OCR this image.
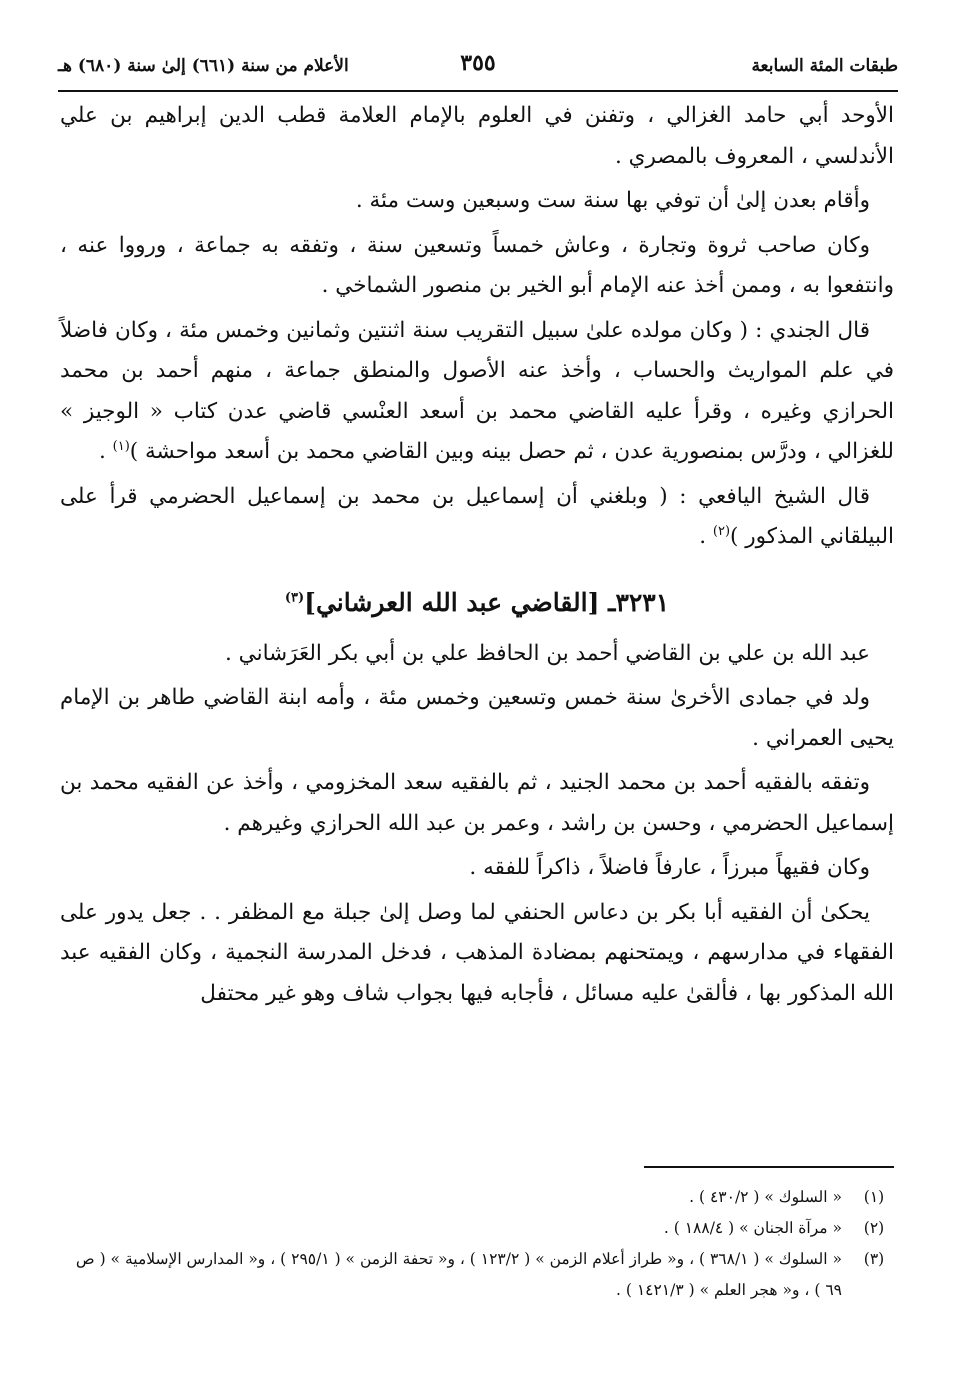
طبقات المئة السابعة
٣٥٥
الأعلام من سنة (٦٦١) إلىٰ سنة (٦٨٠) هـ

الأوحد أبي حامد الغزالي ، وتفنن في العلوم بالإمام العلامة قطب الدين إبراهيم بن علي الأندلسي ، المعروف بالمصري .

وأقام بعدن إلىٰ أن توفي بها سنة ست وسبعين وست مئة .

وكان صاحب ثروة وتجارة ، وعاش خمساً وتسعين سنة ، وتفقه به جماعة ، ورووا عنه ، وانتفعوا به ، وممن أخذ عنه الإمام أبو الخير بن منصور الشماخي .

قال الجندي : ( وكان مولده علىٰ سبيل التقريب سنة اثنتين وثمانين وخمس مئة ، وكان فاضلاً في علم المواريث والحساب ، وأخذ عنه الأصول والمنطق جماعة ، منهم أحمد بن محمد الحرازي وغيره ، وقرأ عليه القاضي محمد بن أسعد العنْسي قاضي عدن كتاب « الوجيز » للغزالي ، ودرَّس بمنصورية عدن ، ثم حصل بينه وبين القاضي محمد بن أسعد مواحشة )$^{(١)}$ .

قال الشيخ اليافعي : ( وبلغني أن إسماعيل بن محمد بن إسماعيل الحضرمي قرأ على البيلقاني المذكور )$^{(٢)}$ .

٣٢٣١ـ [القاضي عبد الله العرشاني]$^{(٣)}$

عبد الله بن علي بن القاضي أحمد بن الحافظ علي بن أبي بكر العَرَشاني .

ولد في جمادى الأخرىٰ سنة خمس وتسعين وخمس مئة ، وأمه ابنة القاضي طاهر بن الإمام يحيى العمراني .

وتفقه بالفقيه أحمد بن محمد الجنيد ، ثم بالفقيه سعد المخزومي ، وأخذ عن الفقيه محمد بن إسماعيل الحضرمي ، وحسن بن راشد ، وعمر بن عبد الله الحرازي وغيرهم .

وكان فقيهاً مبرزاً ، عارفاً فاضلاً ، ذاكراً للفقه .

يحكىٰ أن الفقيه أبا بكر بن دعاس الحنفي لما وصل إلىٰ جبلة مع المظفر . . جعل يدور على الفقهاء في مدارسهم ، ويمتحنهم بمضادة المذهب ، فدخل المدرسة النجمية ، وكان الفقيه عبد الله المذكور بها ، فألقىٰ عليه مسائل ، فأجابه فيها بجواب شاف وهو غير محتفل

(١)
« السلوك » ( ٤٣٠/٢ ) .

(٢)
« مرآة الجنان » ( ١٨٨/٤ ) .

(٣)
« السلوك » ( ٣٦٨/١ ) ، و« طراز أعلام الزمن » ( ١٢٣/٢ ) ، و« تحفة الزمن » ( ٢٩٥/١ ) ، و« المدارس الإسلامية » ( ص ٦٩ ) ، و« هجر العلم » ( ١٤٢١/٣ ) .
